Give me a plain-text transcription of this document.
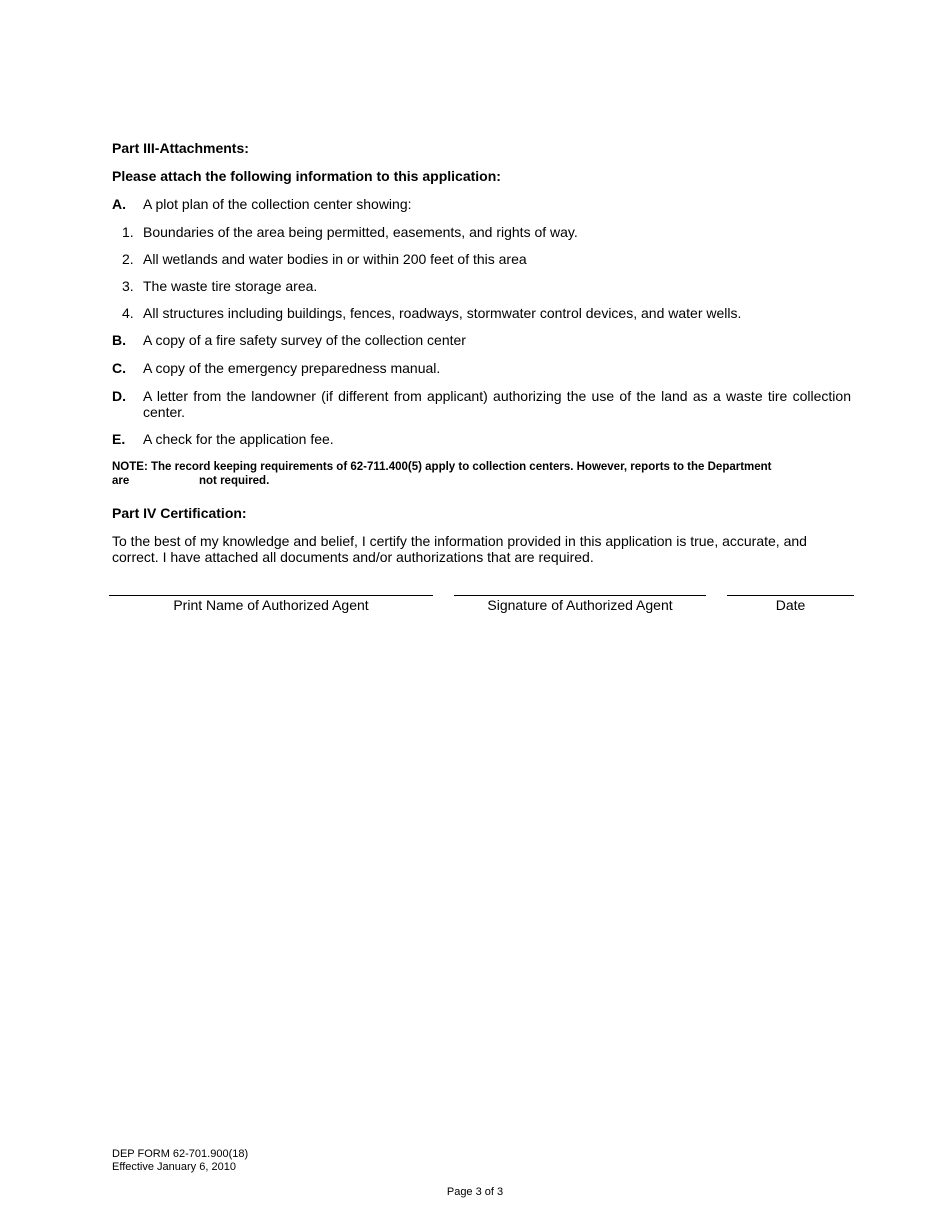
Part III-Attachments:
Please attach the following information to this application:
A. A plot plan of the collection center showing:
1. Boundaries of the area being permitted, easements, and rights of way.
2. All wetlands and water bodies in or within 200 feet of this area
3. The waste tire storage area.
4. All structures including buildings, fences, roadways, stormwater control devices, and water wells.
B. A copy of a fire safety survey of the collection center
C. A copy of the emergency preparedness manual.
D. A letter from the landowner (if different from applicant) authorizing the use of the land as a waste tire collection center.
E. A check for the application fee.
NOTE: The record keeping requirements of 62-711.400(5) apply to collection centers. However, reports to the Department
are	not required.
Part IV Certification:
To the best of my knowledge and belief, I certify the information provided in this application is true, accurate, and correct. I have attached all documents and/or authorizations that are required.
Print Name of Authorized Agent	Signature of Authorized Agent	Date
DEP FORM 62-701.900(18)
Effective January 6, 2010
Page 3 of 3
